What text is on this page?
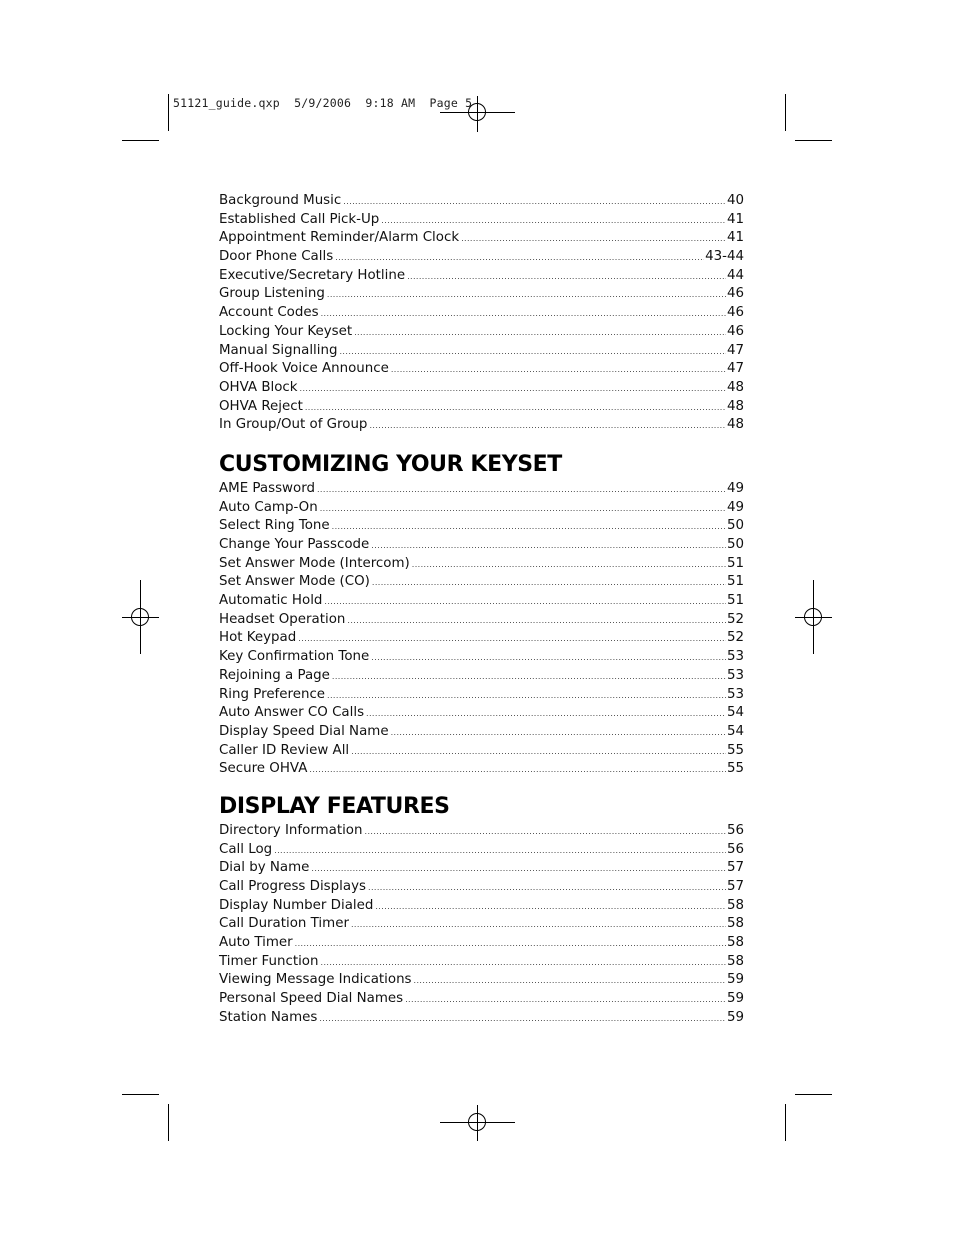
51121_guide.qxp  5/9/2006  9:18 AM  Page 5
Background Music .....	40
Established Call Pick-Up .....	41
Appointment Reminder/Alarm Clock .....	41
Door Phone Calls .....	43-44
Executive/Secretary Hotline .....	44
Group Listening .....	46
Account Codes .....	46
Locking Your Keyset .....	46
Manual Signalling .....	47
Off-Hook Voice Announce .....	47
OHVA Block .....	48
OHVA Reject .....	48
In Group/Out of Group .....	48
CUSTOMIZING YOUR KEYSET
AME Password .....	49
Auto Camp-On .....	49
Select Ring Tone .....	50
Change Your Passcode .....	50
Set Answer Mode (Intercom) .....	51
Set Answer Mode (CO) .....	51
Automatic Hold .....	51
Headset Operation .....	52
Hot Keypad .....	52
Key Confirmation Tone .....	53
Rejoining a Page .....	53
Ring Preference .....	53
Auto Answer CO Calls .....	54
Display Speed Dial Name .....	54
Caller ID Review All .....	55
Secure OHVA .....	55
DISPLAY FEATURES
Directory Information .....	56
Call Log .....	56
Dial by Name .....	57
Call Progress Displays .....	57
Display Number Dialed .....	58
Call Duration Timer .....	58
Auto Timer .....	58
Timer Function .....	58
Viewing Message Indications .....	59
Personal Speed Dial Names .....	59
Station Names .....	59
